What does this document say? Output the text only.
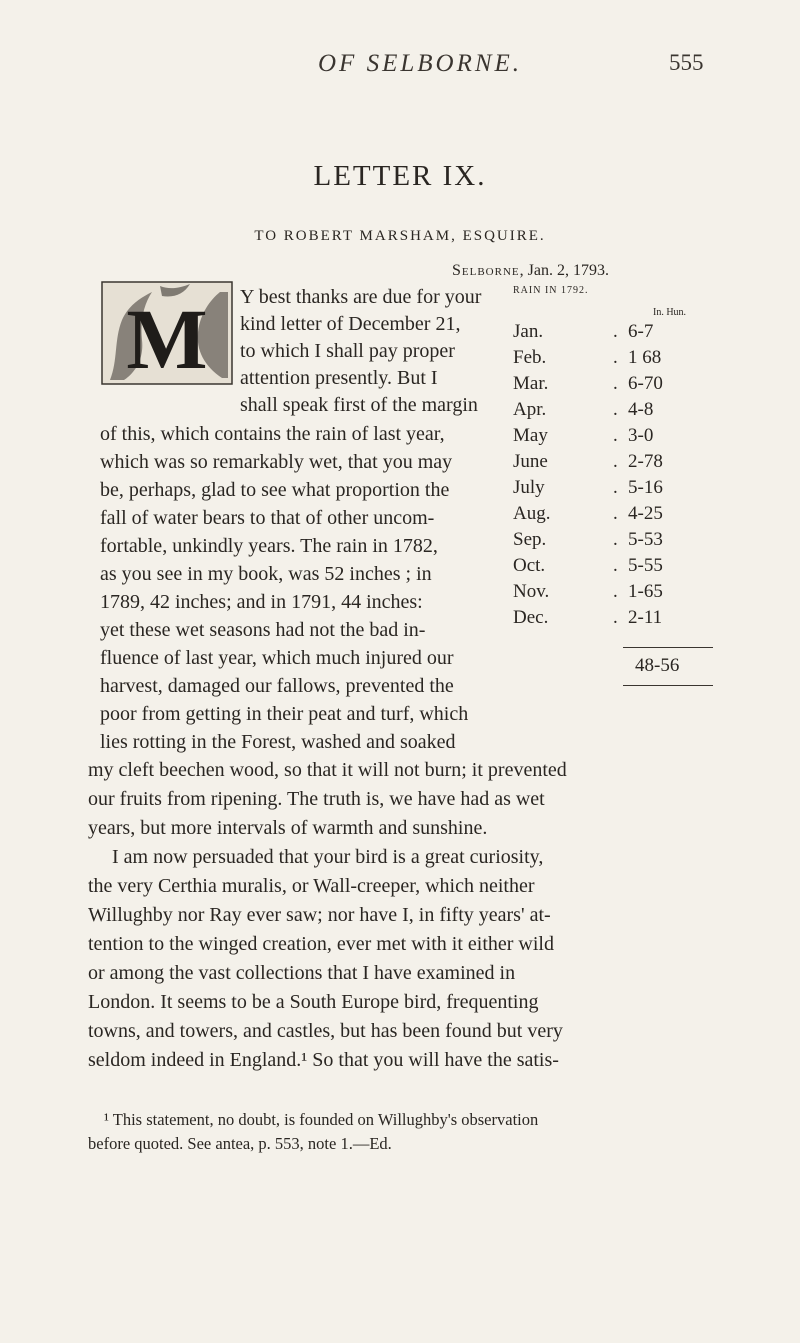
OF SELBORNE.	555
LETTER IX.
TO ROBERT MARSHAM, ESQUIRE.
Selborne, Jan. 2, 1793.
M Y best thanks are due for your
kind letter of December 21,
to which I shall pay proper
attention presently. But I
shall speak first of the margin
of this, which contains the rain of last year,
which was so remarkably wet, that you may
be, perhaps, glad to see what proportion the
fall of water bears to that of other uncom-
fortable, unkindly years. The rain in 1782,
as you see in my book, was 52 inches ; in
1789, 42 inches; and in 1791, 44 inches:
yet these wet seasons had not the bad in-
fluence of last year, which much injured our
harvest, damaged our fallows, prevented the
poor from getting in their peat and turf, which
lies rotting in the Forest, washed and soaked
RAIN IN 1792.
In. Hun.
Jan.	. 6-7
Feb.	. 1 68
Mar.	. 6-70
Apr.	. 4-8
May	. 3-0
June	. 2-78
July	. 5-16
Aug.	. 4-25
Sep.	. 5-53
Oct.	. 5-55
Nov.	. 1-65
Dec.	. 2-11
48-56
my cleft beechen wood, so that it will not burn; it prevented
our fruits from ripening. The truth is, we have had as wet
years, but more intervals of warmth and sunshine.
I am now persuaded that your bird is a great curiosity,
the very Certhia muralis, or Wall-creeper, which neither
Willughby nor Ray ever saw; nor have I, in fifty years' at-
tention to the winged creation, ever met with it either wild
or among the vast collections that I have examined in
London. It seems to be a South Europe bird, frequenting
towns, and towers, and castles, but has been found but very
seldom indeed in England.¹ So that you will have the satis-
¹ This statement, no doubt, is founded on Willughby's observation
before quoted. See antea, p. 553, note 1.—Ed.
